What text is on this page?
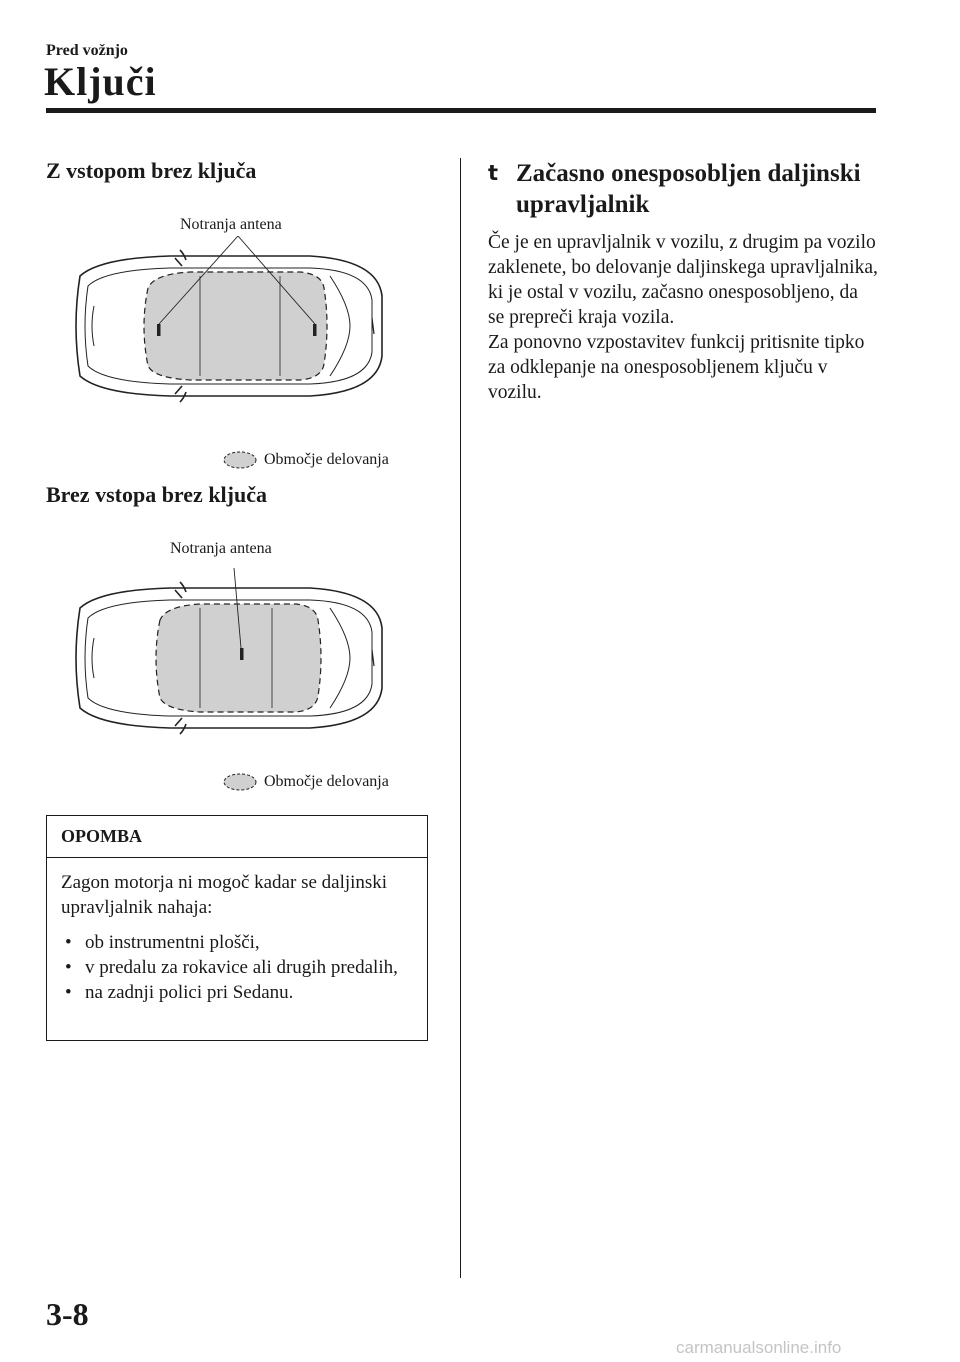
Pred vožnjo
Ključi
Z vstopom brez ključa
Notranja antena
Območje delovanja
Brez vstopa brez ključa
Notranja antena
Območje delovanja
OPOMBA
Zagon motorja ni mogoč kadar se daljinski upravljalnik nahaja:
• ob instrumentni plošči,
• v predalu za rokavice ali drugih predalih,
• na zadnji polici pri Sedanu.
t Začasno onesposobljen daljinski upravljalnik
Če je en upravljalnik v vozilu, z drugim pa vozilo zaklenete, bo delovanje daljinskega upravljalnika, ki je ostal v vozilu, začasno onesposobljeno, da se prepreči kraja vozila.
Za ponovno vzpostavitev funkcij pritisnite tipko za odklepanje na onesposobljenem ključu v vozilu.
3-8
carmanualsonline.info
